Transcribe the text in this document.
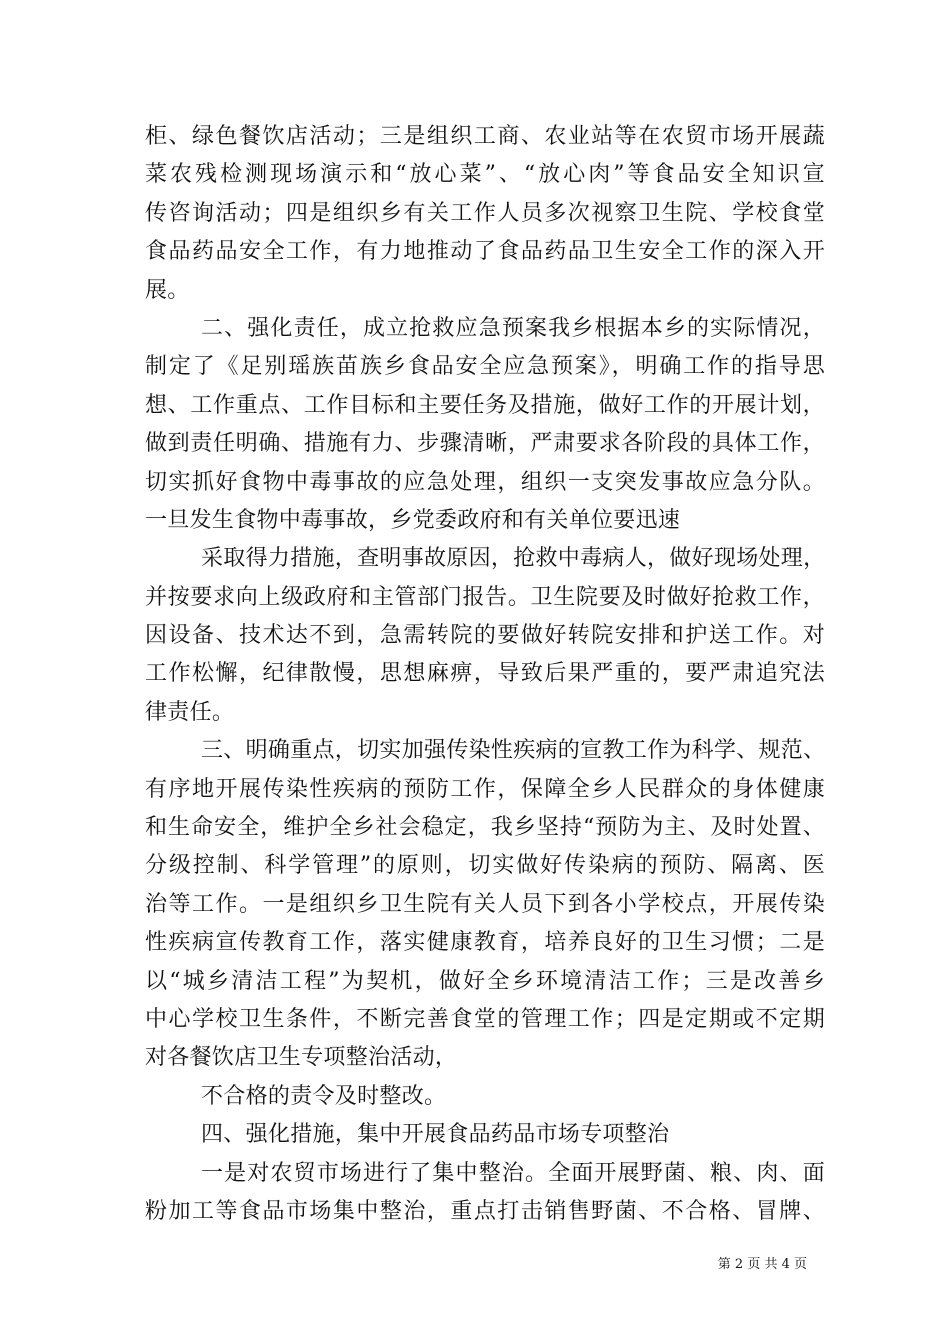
柜、绿色餐饮店活动；三是组织工商、农业站等在农贸市场开展蔬
菜农残检测现场演示和“放心菜”、“放心肉”等食品安全知识宣
传咨询活动；四是组织乡有关工作人员多次视察卫生院、学校食堂
食品药品安全工作，有力地推动了食品药品卫生安全工作的深入开
展。
二、强化责任，成立抢救应急预案我乡根据本乡的实际情况，
制定了《足别瑶族苗族乡食品安全应急预案》，明确工作的指导思
想、工作重点、工作目标和主要任务及措施，做好工作的开展计划，
做到责任明确、措施有力、步骤清晰，严肃要求各阶段的具体工作，
切实抓好食物中毒事故的应急处理，组织一支突发事故应急分队。
一旦发生食物中毒事故，乡党委政府和有关单位要迅速
采取得力措施，查明事故原因，抢救中毒病人，做好现场处理，
并按要求向上级政府和主管部门报告。卫生院要及时做好抢救工作，
因设备、技术达不到，急需转院的要做好转院安排和护送工作。对
工作松懈，纪律散慢，思想麻痹，导致后果严重的，要严肃追究法
律责任。
三、明确重点，切实加强传染性疾病的宣教工作为科学、规范、
有序地开展传染性疾病的预防工作，保障全乡人民群众的身体健康
和生命安全，维护全乡社会稳定，我乡坚持“预防为主、及时处置、
分级控制、科学管理”的原则，切实做好传染病的预防、隔离、医
治等工作。一是组织乡卫生院有关人员下到各小学校点，开展传染
性疾病宣传教育工作，落实健康教育，培养良好的卫生习惯；二是
以“城乡清洁工程”为契机，做好全乡环境清洁工作；三是改善乡
中心学校卫生条件，不断完善食堂的管理工作；四是定期或不定期
对各餐饮店卫生专项整治活动，
不合格的责令及时整改。
四、强化措施，集中开展食品药品市场专项整治
一是对农贸市场进行了集中整治。全面开展野菌、粮、肉、面
粉加工等食品市场集中整治，重点打击销售野菌、不合格、冒牌、
第 2 页 共 4 页
